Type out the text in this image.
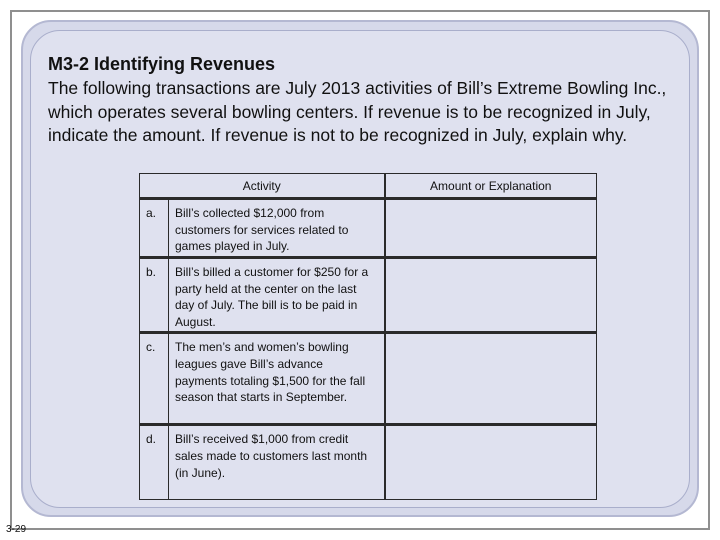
M3-2 Identifying Revenues
The following transactions are July 2013 activities of Bill’s Extreme Bowling Inc., which operates several bowling centers. If revenue is to be recognized in July, indicate the amount. If revenue is not to be recognized in July, explain why.
Activity		Amount or Explanation
a.	Bill’s collected $12,000 from customers for services related to games played in July.	
b.	Bill’s billed a customer for $250 for a party held at the center on the last day of July. The bill is to be paid in August.	
c.	The men’s and women’s bowling leagues gave Bill’s advance payments totaling $1,500 for the fall season that starts in September.	
d.	Bill’s received $1,000 from credit sales made to customers last month (in June).	
3-29
